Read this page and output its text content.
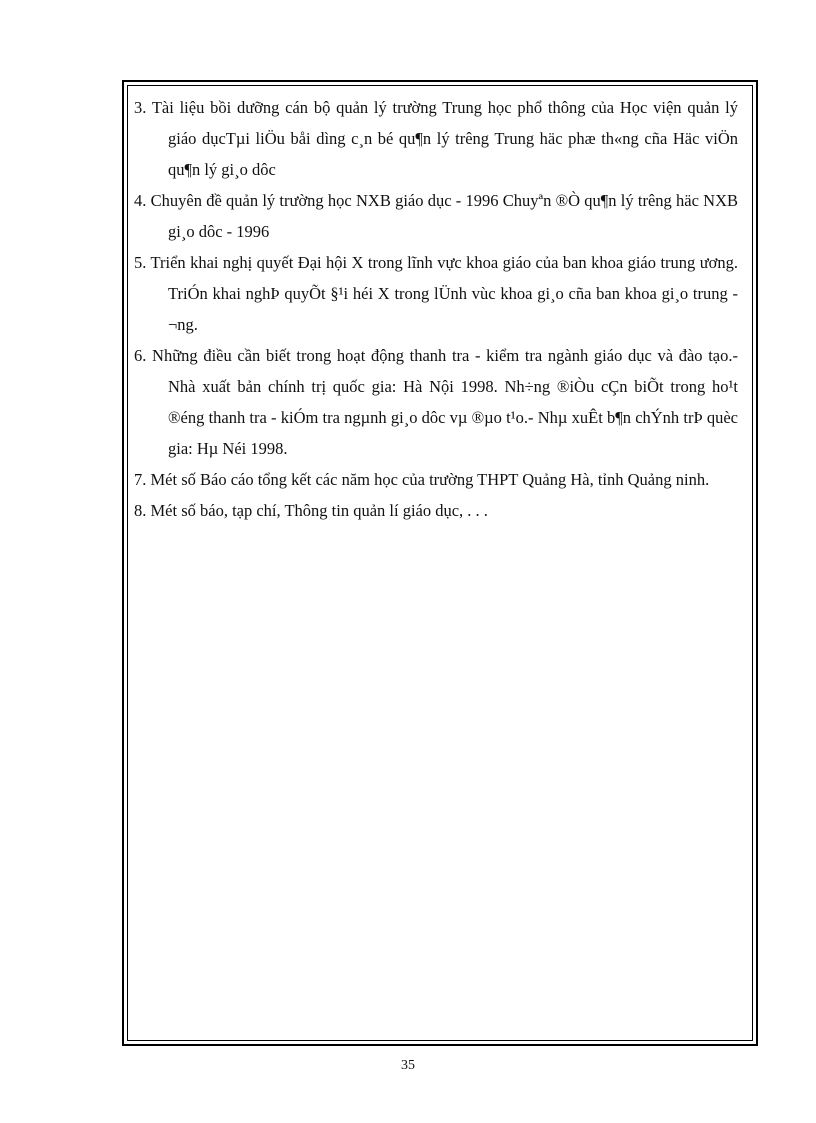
3. Tài liệu bồi dưỡng cán bộ quản lý trường Trung học phổ thông của Học viện quản lý giáo dụcTµi liÖu båi dìng c¸n bé qu¶n lý trêng Trung häc phæ th«ng cña Häc viÖn qu¶n lý gi¸o dôc

4. Chuyên đề quản lý trường học NXB giáo dục - 1996 Chuyªn ®Ò qu¶n lý trêng häc NXB gi¸o dôc - 1996

5. Triển khai nghị quyết Đại hội X trong lĩnh vực khoa giáo của ban khoa giáo trung ương. TriÓn khai nghÞ quyÕt §¹i héi X trong lÜnh vùc khoa gi¸o cña ban khoa gi¸o trung ¬ng.

6. Những điều cần biết trong hoạt động thanh tra - kiểm tra ngành giáo dục và đào tạo.- Nhà xuất bản chính trị quốc gia: Hà Nội 1998. Nh÷ng ®iÒu cÇn biÕt trong ho¹t ®éng thanh tra - kiÓm tra ngµnh gi¸o dôc vµ ®µo t¹o.- Nhµ xuÊt b¶n chÝnh trÞ quèc gia: Hµ Néi 1998.

7. Mét số Báo cáo tổng kết các năm học của trường THPT Quảng Hà, tỉnh Quảng ninh.

8. Mét số báo, tạp chí, Thông tin quản lí giáo dục, . . .

35
